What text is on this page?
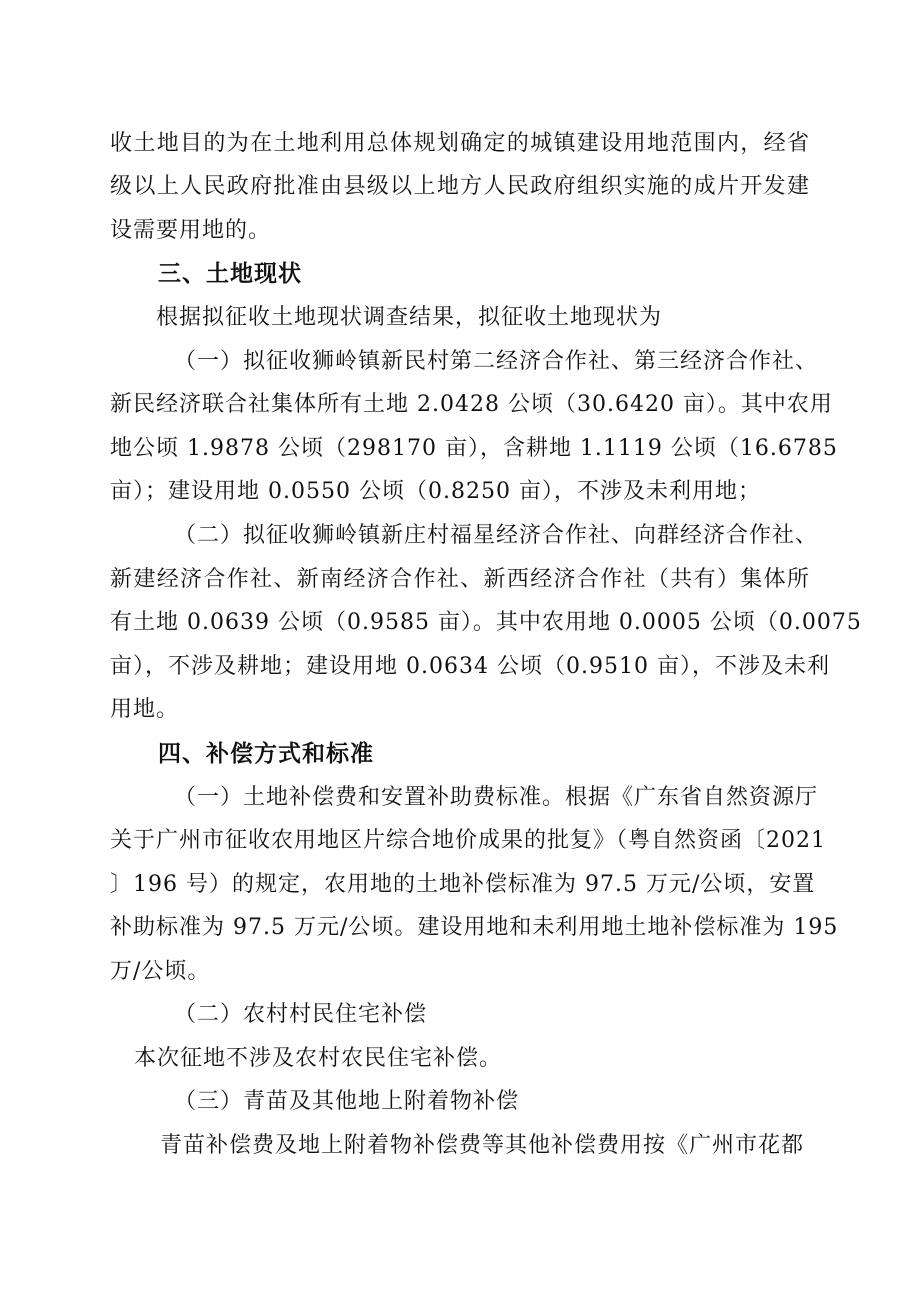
收土地目的为在土地利用总体规划确定的城镇建设用地范围内，经省
级以上人民政府批准由县级以上地方人民政府组织实施的成片开发建
设需要用地的。
三、土地现状
根据拟征收土地现状调查结果，拟征收土地现状为
（一）拟征收狮岭镇新民村第二经济合作社、第三经济合作社、
新民经济联合社集体所有土地 2.0428 公顷（30.6420 亩）。其中农用
地公顷 1.9878 公顷（298170 亩），含耕地 1.1119 公顷（16.6785
亩）；建设用地 0.0550 公顷（0.8250 亩），不涉及未利用地；
（二）拟征收狮岭镇新庄村福星经济合作社、向群经济合作社、
新建经济合作社、新南经济合作社、新西经济合作社（共有）集体所
有土地 0.0639 公顷（0.9585 亩）。其中农用地 0.0005 公顷（0.0075
亩），不涉及耕地；建设用地 0.0634 公顷（0.9510 亩），不涉及未利
用地。
四、补偿方式和标准
（一）土地补偿费和安置补助费标准。根据《广东省自然资源厅
关于广州市征收农用地区片综合地价成果的批复》（粤自然资函〔2021
〕196 号）的规定，农用地的土地补偿标准为 97.5 万元/公顷，安置
补助标准为 97.5 万元/公顷。建设用地和未利用地土地补偿标准为 195
万/公顷。
（二）农村村民住宅补偿
本次征地不涉及农村农民住宅补偿。
（三）青苗及其他地上附着物补偿
青苗补偿费及地上附着物补偿费等其他补偿费用按《广州市花都
